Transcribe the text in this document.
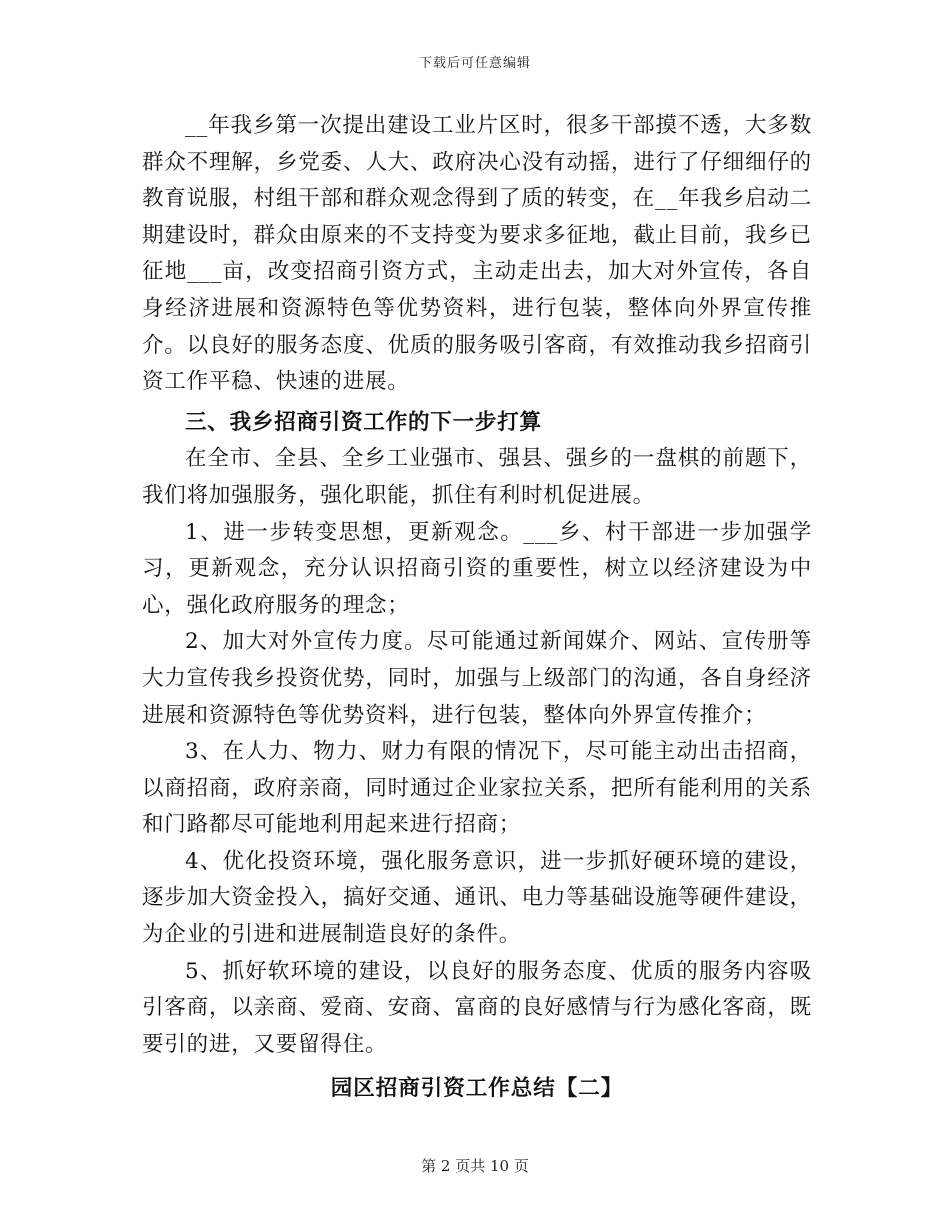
下载后可任意编辑

__年我乡第一次提出建设工业片区时，很多干部摸不透，大多数群众不理解，乡党委、人大、政府决心没有动摇，进行了仔细细仔的教育说服，村组干部和群众观念得到了质的转变，在__年我乡启动二期建设时，群众由原来的不支持变为要求多征地，截止目前，我乡已征地___亩，改变招商引资方式，主动走出去，加大对外宣传，各自身经济进展和资源特色等优势资料，进行包装，整体向外界宣传推介。以良好的服务态度、优质的服务吸引客商，有效推动我乡招商引资工作平稳、快速的进展。

三、我乡招商引资工作的下一步打算

在全市、全县、全乡工业强市、强县、强乡的一盘棋的前题下，我们将加强服务，强化职能，抓住有利时机促进展。

1、进一步转变思想，更新观念。___乡、村干部进一步加强学习，更新观念，充分认识招商引资的重要性，树立以经济建设为中心，强化政府服务的理念；

2、加大对外宣传力度。尽可能通过新闻媒介、网站、宣传册等大力宣传我乡投资优势，同时，加强与上级部门的沟通，各自身经济进展和资源特色等优势资料，进行包装，整体向外界宣传推介；

3、在人力、物力、财力有限的情况下，尽可能主动出击招商，以商招商，政府亲商，同时通过企业家拉关系，把所有能利用的关系和门路都尽可能地利用起来进行招商；

4、优化投资环境，强化服务意识，进一步抓好硬环境的建设，逐步加大资金投入，搞好交通、通讯、电力等基础设施等硬件建设，为企业的引进和进展制造良好的条件。

5、抓好软环境的建设，以良好的服务态度、优质的服务内容吸引客商，以亲商、爱商、安商、富商的良好感情与行为感化客商，既要引的进，又要留得住。

园区招商引资工作总结【二】

第 2 页共 10 页
